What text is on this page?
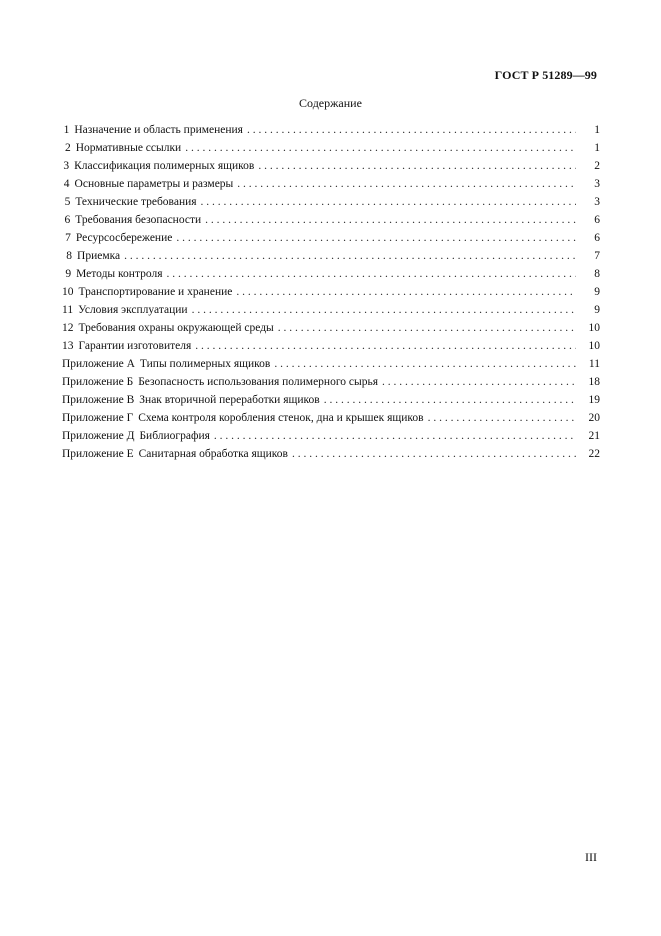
ГОСТ Р 51289—99
Содержание
1 Назначение и область применения . . .	1
2 Нормативные ссылки . . .	1
3 Классификация полимерных ящиков . . .	2
4 Основные параметры и размеры . . .	3
5 Технические требования . . .	3
6 Требования безопасности . . .	6
7 Ресурсосбережение . . .	6
8 Приемка . . .	7
9 Методы контроля . . .	8
10 Транспортирование и хранение . . .	9
11 Условия эксплуатации . . .	9
12 Требования охраны окружающей среды . . .	10
13 Гарантии изготовителя . . .	10
Приложение А Типы полимерных ящиков . . .	11
Приложение Б Безопасность использования полимерного сырья . . .	18
Приложение В Знак вторичной переработки ящиков . . .	19
Приложение Г Схема контроля коробления стенок, дна и крышек ящиков . . .	20
Приложение Д Библиография . . .	21
Приложение Е Санитарная обработка ящиков . . .	22
III
